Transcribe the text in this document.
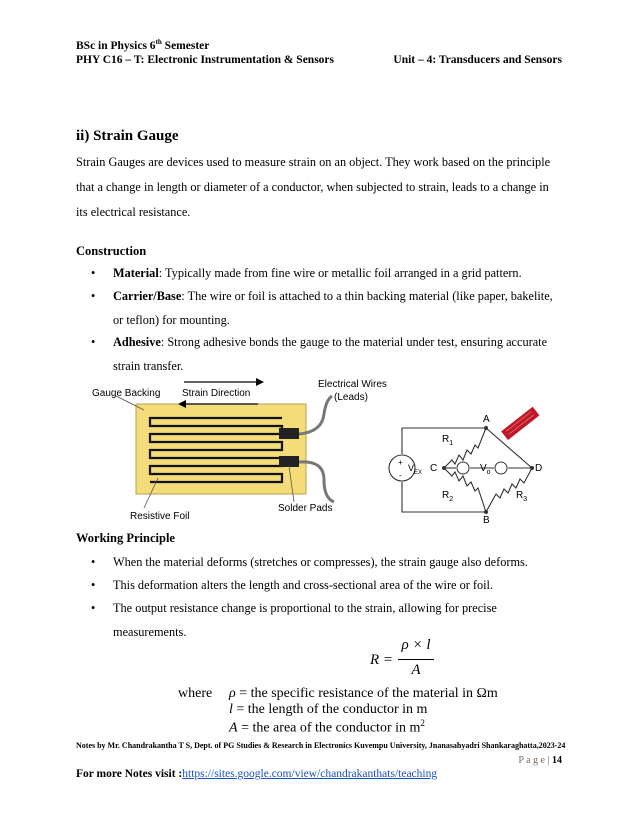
BSc in Physics 6th Semester
PHY C16 – T: Electronic Instrumentation & Sensors	Unit – 4: Transducers and Sensors
ii) Strain Gauge
Strain Gauges are devices used to measure strain on an object. They work based on the principle
that a change in length or diameter of a conductor, when subjected to strain, leads to a change in
its electrical resistance.
Construction
• Material: Typically made from fine wire or metallic foil arranged in a grid pattern.
• Carrier/Base: The wire or foil is attached to a thin backing material (like paper, bakelite,
or teflon) for mounting.
• Adhesive: Strong adhesive bonds the gauge to the material under test, ensuring accurate
strain transfer.
Gauge Backing Strain Direction
Electrical Wires
(Leads)
Solder Pads
Resistive Foil
A
B
C	D
$R_1$
$R_2$	$R_3$
$V_{EX}$	$V_o$
+
-
Working Principle
• When the material deforms (stretches or compresses), the strain gauge also deforms.
• This deformation alters the length and cross-sectional area of the wire or foil.
• The output resistance change is proportional to the strain, allowing for precise
measurements.
R =
ρ × l
A
where ρ = the specific resistance of the material in Ωm
l = the length of the conductor in m
A = the area of the conductor in $m^2$
Notes by Mr. Chandrakantha T S, Dept. of PG Studies & Research in Electronics Kuvempu University, Jnanasahyadri Shankaraghatta,2023-24
P a g e | 14
For more Notes visit :https://sites.google.com/view/chandrakanthats/teaching
